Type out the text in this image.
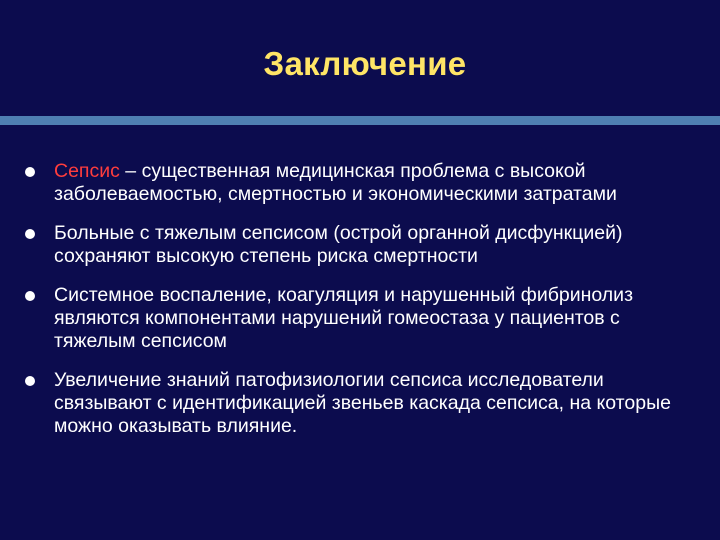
Заключение
Сепсис – существенная медицинская проблема с высокой заболеваемостью, смертностью и экономическими затратами
Больные с тяжелым сепсисом (острой органной дисфункцией) сохраняют высокую степень риска смертности
Системное воспаление, коагуляция и нарушенный фибринолиз являются компонентами нарушений гомеостаза у пациентов с тяжелым сепсисом
Увеличение знаний патофизиологии сепсиса исследователи связывают с идентификацией звеньев каскада сепсиса, на которые можно оказывать влияние.
